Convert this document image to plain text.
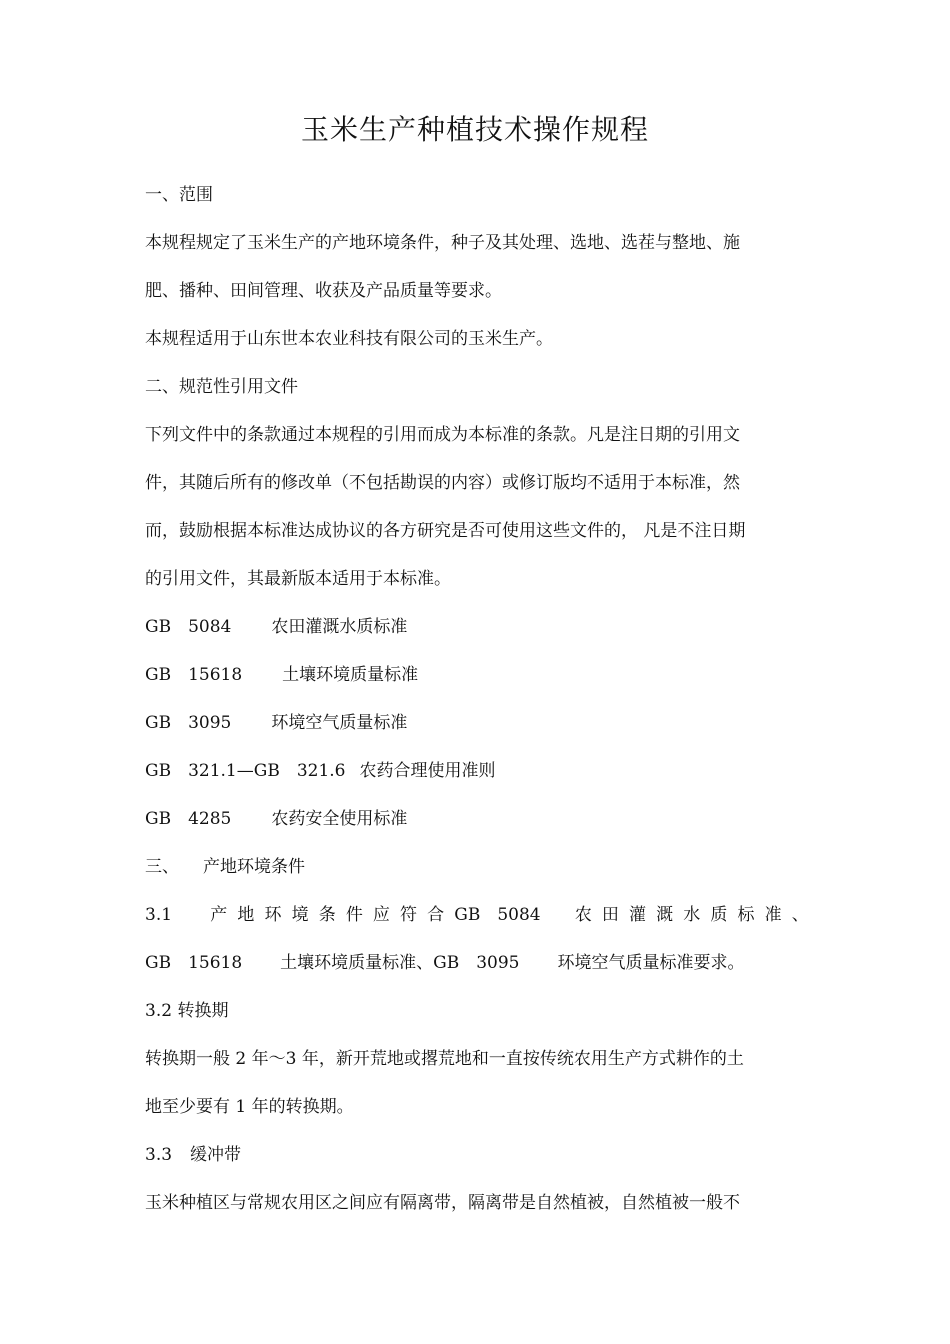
玉米生产种植技术操作规程

一、范围

本规程规定了玉米生产的产地环境条件，种子及其处理、选地、选茬与整地、施

肥、播种、田间管理、收获及产品质量等要求。

本规程适用于山东世本农业科技有限公司的玉米生产。

二、规范性引用文件

下列文件中的条款通过本规程的引用而成为本标准的条款。凡是注日期的引用文

件，其随后所有的修改单（不包括勘误的内容）或修订版均不适用于本标准，然

而，鼓励根据本标准达成协议的各方研究是否可使用这些文件的， 凡是不注日期

的引用文件，其最新版本适用于本标准。

GB　5084 农田灌溉水质标准

GB　15618 土壤环境质量标准

GB　3095 环境空气质量标准

GB　321.1—GB　321.6 农药合理使用准则

GB　4285 农药安全使用标准

三、 产地环境条件

3.1 产 地 环 境 条 件 应 符 合 GB　5084 农 田 灌 溉 水 质 标 准 、

GB　15618 土壤环境质量标准、GB　3095 环境空气质量标准要求。

3.2 转换期

转换期一般 2 年～3 年，新开荒地或撂荒地和一直按传统农用生产方式耕作的土

地至少要有 1 年的转换期。

3.3 缓冲带

玉米种植区与常规农用区之间应有隔离带，隔离带是自然植被，自然植被一般不
